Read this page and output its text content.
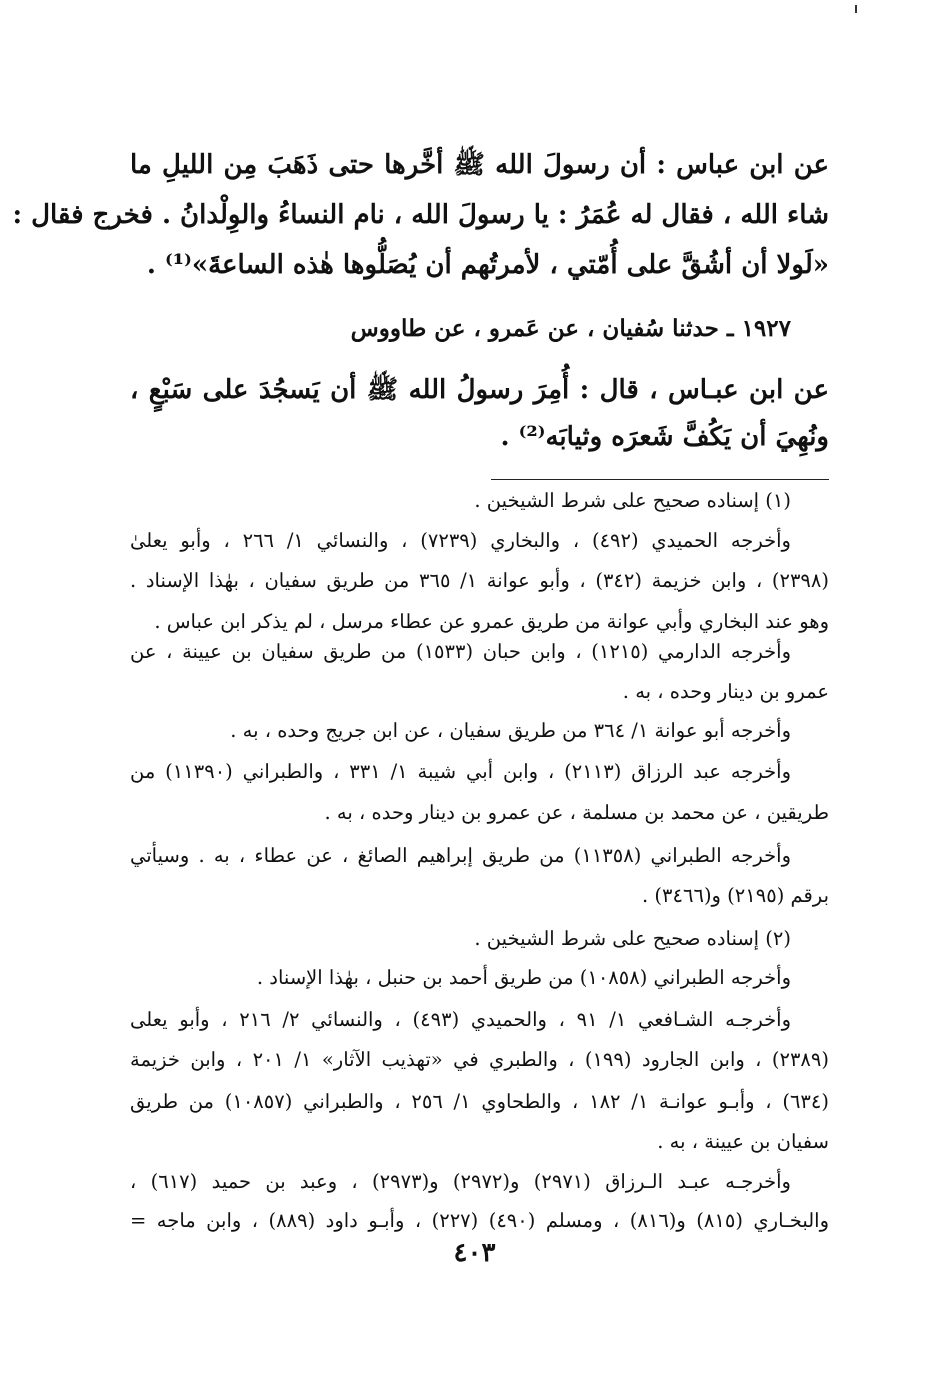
عن ابن عباس : أن رسولَ الله ﷺ أخَّرها حتى ذَهَبَ مِن الليلِ ما
شاء الله ، فقال له عُمَرُ : يا رسولَ الله ، نام النساءُ والوِلْدانُ . فخرج فقال :
«لَولا أن أشُقَّ على أُمّتي ، لأمرتُهم أن يُصَلُّوها هٰذه الساعةَ»⁽¹⁾ .
١٩٢٧ ـ حدثنا سُفيان ، عن عَمرو ، عن طاووس
عن ابن عبـاس ، قال : أُمِرَ رسولُ الله ﷺ أن يَسجُدَ على سَبْعٍ ،
ونُهِيَ أن يَكُفَّ شَعرَه وثيابَه⁽²⁾ .
(١) إسناده صحيح على شرط الشيخين .
وأخرجه الحميدي (٤٩٢) ، والبخاري (٧٢٣٩) ، والنسائي ١/ ٢٦٦ ، وأبو يعلىٰ
(٢٣٩٨) ، وابن خزيمة (٣٤٢) ، وأبو عوانة ١/ ٣٦٥ من طريق سفيان ، بهٰذا الإسناد .
وهو عند البخاري وأبي عوانة من طريق عمرو عن عطاء مرسل ، لم يذكر ابن عباس .
وأخرجه الدارمي (١٢١٥) ، وابن حبان (١٥٣٣) من طريق سفيان بن عيينة ، عن
عمرو بن دينار وحده ، به .
وأخرجه أبو عوانة ١/ ٣٦٤ من طريق سفيان ، عن ابن جريج وحده ، به .
وأخرجه عبد الرزاق (٢١١٣) ، وابن أبي شيبة ١/ ٣٣١ ، والطبراني (١١٣٩٠) من
طريقين ، عن محمد بن مسلمة ، عن عمرو بن دينار وحده ، به .
وأخرجه الطبراني (١١٣٥٨) من طريق إبراهيم الصائغ ، عن عطاء ، به . وسيأتي
برقم (٢١٩٥) و(٣٤٦٦) .
(٢) إسناده صحيح على شرط الشيخين .
وأخرجه الطبراني (١٠٨٥٨) من طريق أحمد بن حنبل ، بهٰذا الإسناد .
وأخرجـه الشـافعي ١/ ٩١ ، والحميدي (٤٩٣) ، والنسائي ٢/ ٢١٦ ، وأبو يعلى
(٢٣٨٩) ، وابن الجارود (١٩٩) ، والطبري في «تهذيب الآثار» ١/ ٢٠١ ، وابن خزيمة
(٦٣٤) ، وأبـو عوانـة ١/ ١٨٢ ، والطحاوي ١/ ٢٥٦ ، والطبراني (١٠٨٥٧) من طريق
سفيان بن عيينة ، به .
وأخرجـه عبـد الـرزاق (٢٩٧١) و(٢٩٧٢) و(٢٩٧٣) ، وعبد بن حميد (٦١٧) ،
والبخـاري (٨١٥) و(٨١٦) ، ومسلم (٤٩٠) (٢٢٧) ، وأبـو داود (٨٨٩) ، وابن ماجه =
٤٠٣
